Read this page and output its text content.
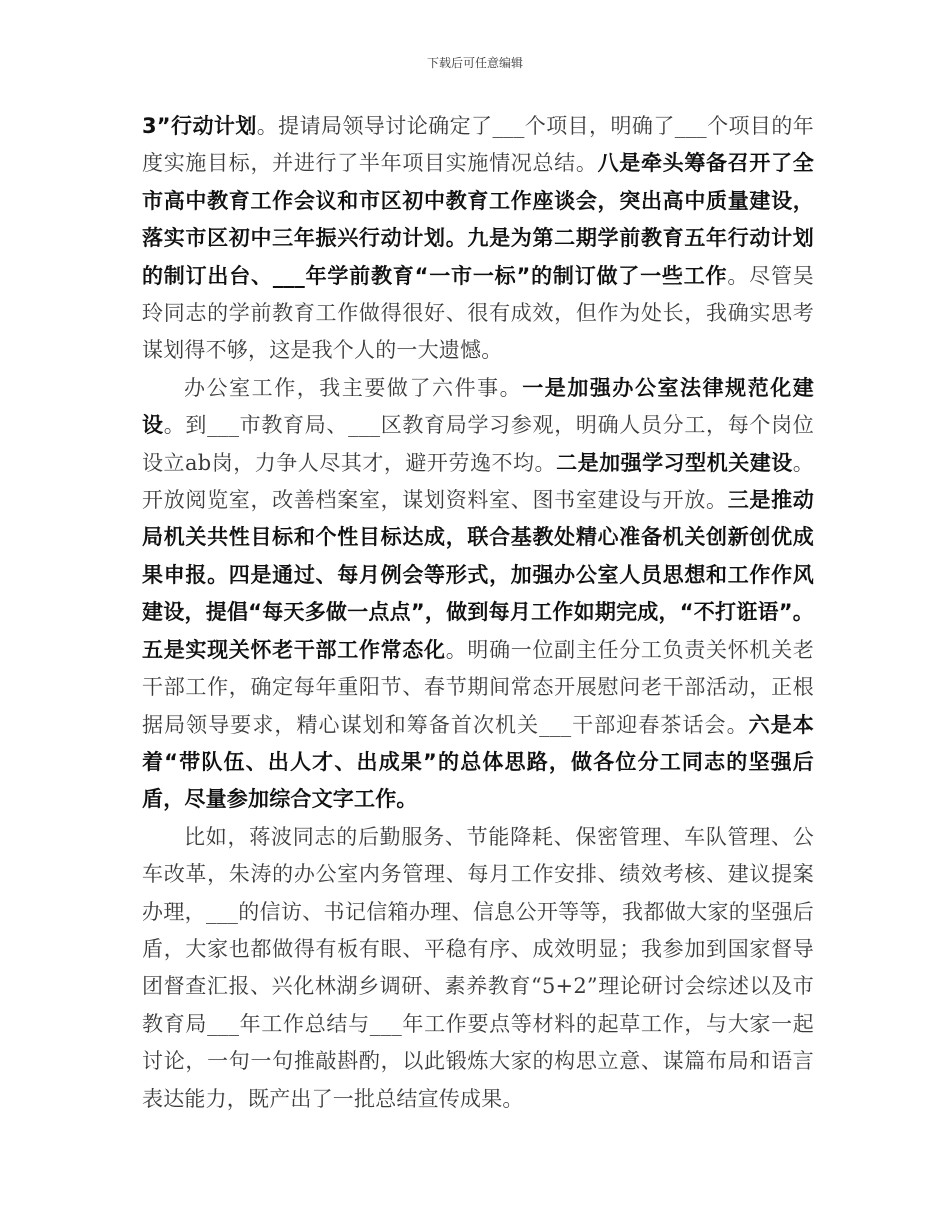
下载后可任意编辑

3”行动计划。提请局领导讨论确定了___个项目，明确了___个项目的年度实施目标，并进行了半年项目实施情况总结。八是牵头筹备召开了全市高中教育工作会议和市区初中教育工作座谈会，突出高中质量建设，落实市区初中三年振兴行动计划。九是为第二期学前教育五年行动计划的制订出台、___年学前教育“一市一标”的制订做了一些工作。尽管吴玲同志的学前教育工作做得很好、很有成效，但作为处长，我确实思考谋划得不够，这是我个人的一大遗憾。

办公室工作，我主要做了六件事。一是加强办公室法律规范化建设。到___市教育局、___区教育局学习参观，明确人员分工，每个岗位设立ab岗，力争人尽其才，避开劳逸不均。二是加强学习型机关建设。开放阅览室，改善档案室，谋划资料室、图书室建设与开放。三是推动局机关共性目标和个性目标达成，联合基教处精心准备机关创新创优成果申报。四是通过、每月例会等形式，加强办公室人员思想和工作作风建设，提倡“每天多做一点点”，做到每月工作如期完成，“不打诳语”。五是实现关怀老干部工作常态化。明确一位副主任分工负责关怀机关老干部工作，确定每年重阳节、春节期间常态开展慰问老干部活动，正根据局领导要求，精心谋划和筹备首次机关___干部迎春茶话会。六是本着“带队伍、出人才、出成果”的总体思路，做各位分工同志的坚强后盾，尽量参加综合文字工作。

比如，蒋波同志的后勤服务、节能降耗、保密管理、车队管理、公车改革，朱涛的办公室内务管理、每月工作安排、绩效考核、建议提案办理，___的信访、书记信箱办理、信息公开等等，我都做大家的坚强后盾，大家也都做得有板有眼、平稳有序、成效明显；我参加到国家督导团督查汇报、兴化林湖乡调研、素养教育“5+2”理论研讨会综述以及市教育局___年工作总结与___年工作要点等材料的起草工作，与大家一起讨论，一句一句推敲斟酌，以此锻炼大家的构思立意、谋篇布局和语言表达能力，既产出了一批总结宣传成果。
